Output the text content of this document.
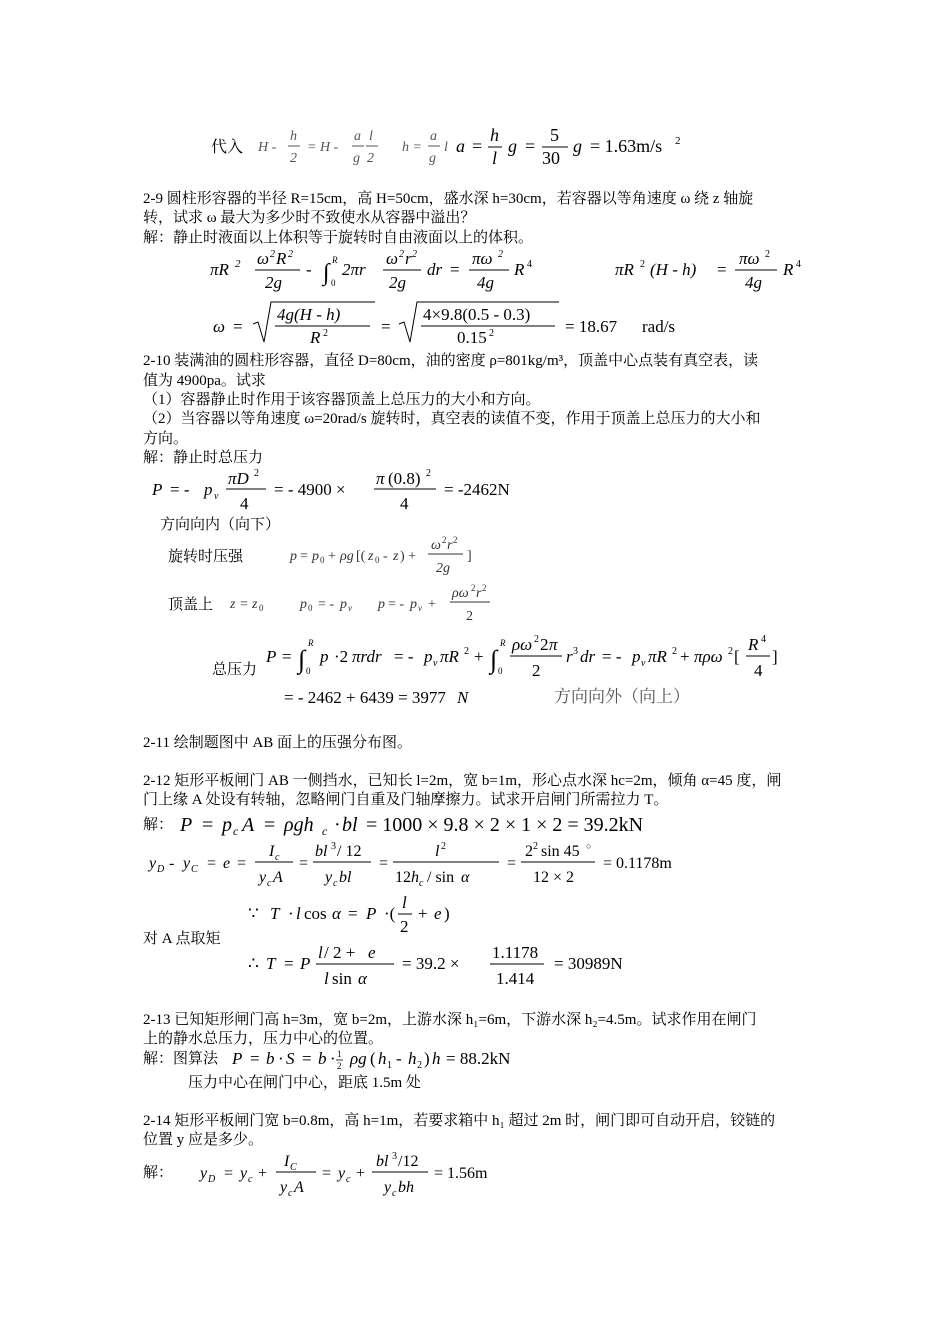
代入 H -
h
2
= H -
a
g
l
2
h =
a
g
l a =
h
l
g =
5
30
g = 1.63m/s 2
2-9 圆柱形容器的半径 R=15cm，高 H=50cm，盛水深 h=30cm，若容器以等角速度 ω 绕 z 轴旋
转，试求 ω 最大为多少时不致使水从容器中溢出？
解：静止时液面以上体积等于旋转时自由液面以上的体积。
πR 2 ω 2 R 2
2g
- ∫ R
0
2πr
ω 2 r 2
2g
dr =
πω 2
4g
R 4	πR 2 (H - h) =
πω 2
4g
R 4
ω =
4g(H - h)
R 2	=
4×9.8(0.5 - 0.3)
0.15 2	= 18.67 rad/s
2-10 装满油的圆柱形容器，直径 D=80cm，油的密度 ρ=801kg/m³，顶盖中心点装有真空表，读
值为 4900pa。试求
（1）容器静止时作用于该容器顶盖上总压力的大小和方向。
（2）当容器以等角速度 ω=20rad/s 旋转时，真空表的读值不变，作用于顶盖上总压力的大小和
方向。
解：静止时总压力
P = - p v
πD 2
4
= - 4900 ×
π (0.8) 2
4
= -2462N
方向向内（向下）
旋转时压强	p = p 0 + ρg [( z 0 - z ) +
ω 2 r 2
2g
]
顶盖上 z = z 0	p 0 = - p v p = - p v +
ρω 2 r 2
2
总压力
P = ∫
R
0
p ·2 πrdr = - p v πR 2 + ∫
R
0
ρω 2 2 π
2
r 3 dr = - p v πR 2 + πρω 2 [
R 4
4
]
= - 2462 + 6439 = 3977 N	方向向外（向上）
2-11 绘制题图中 AB 面上的压强分布图。
2-12 矩形平板闸门 AB 一侧挡水，已知长 l=2m，宽 b=1m，形心点水深 hc=2m，倾角 α=45 度，闸
门上缘 A 处设有转轴，忽略闸门自重及门轴摩擦力。试求开启闸门所需拉力 T。
解： P = p c A = ρgh c · bl = 1000 × 9.8 × 2 × 1 × 2 = 39.2kN
y D - y C = e =
I c
y c A
=
bl 3 / 12
y c bl
=
l 2
12 h c / sin α
=
2 2 sin 45 ○
12 × 2
= 0.1178m
∵ T · l cos α = P ·(
l
2
+ e )
对 A 点取矩
∴ T = P
l / 2 + e
l sin α
= 39.2 ×
1.1178
1.414
= 30989N
2-13 已知矩形闸门高 h=3m，宽 b=2m，上游水深 h₁=6m，下游水深 h₂=4.5m。试求作用在闸门
上的静水总压力，压力中心的位置。
解：图算法 P = b · S = b · 1
2 ρg ( h 1 - h 2 ) h = 88.2kN
压力中心在闸门中心，距底 1.5m 处
2-14 矩形平板闸门宽 b=0.8m，高 h=1m，若要求箱中 h₁ 超过 2m 时，闸门即可自动开启，铰链的
位置 y 应是多少。
解： y D = y c +
I C
y c A
= y c +
bl 3 /12
y c bh
= 1.56m
